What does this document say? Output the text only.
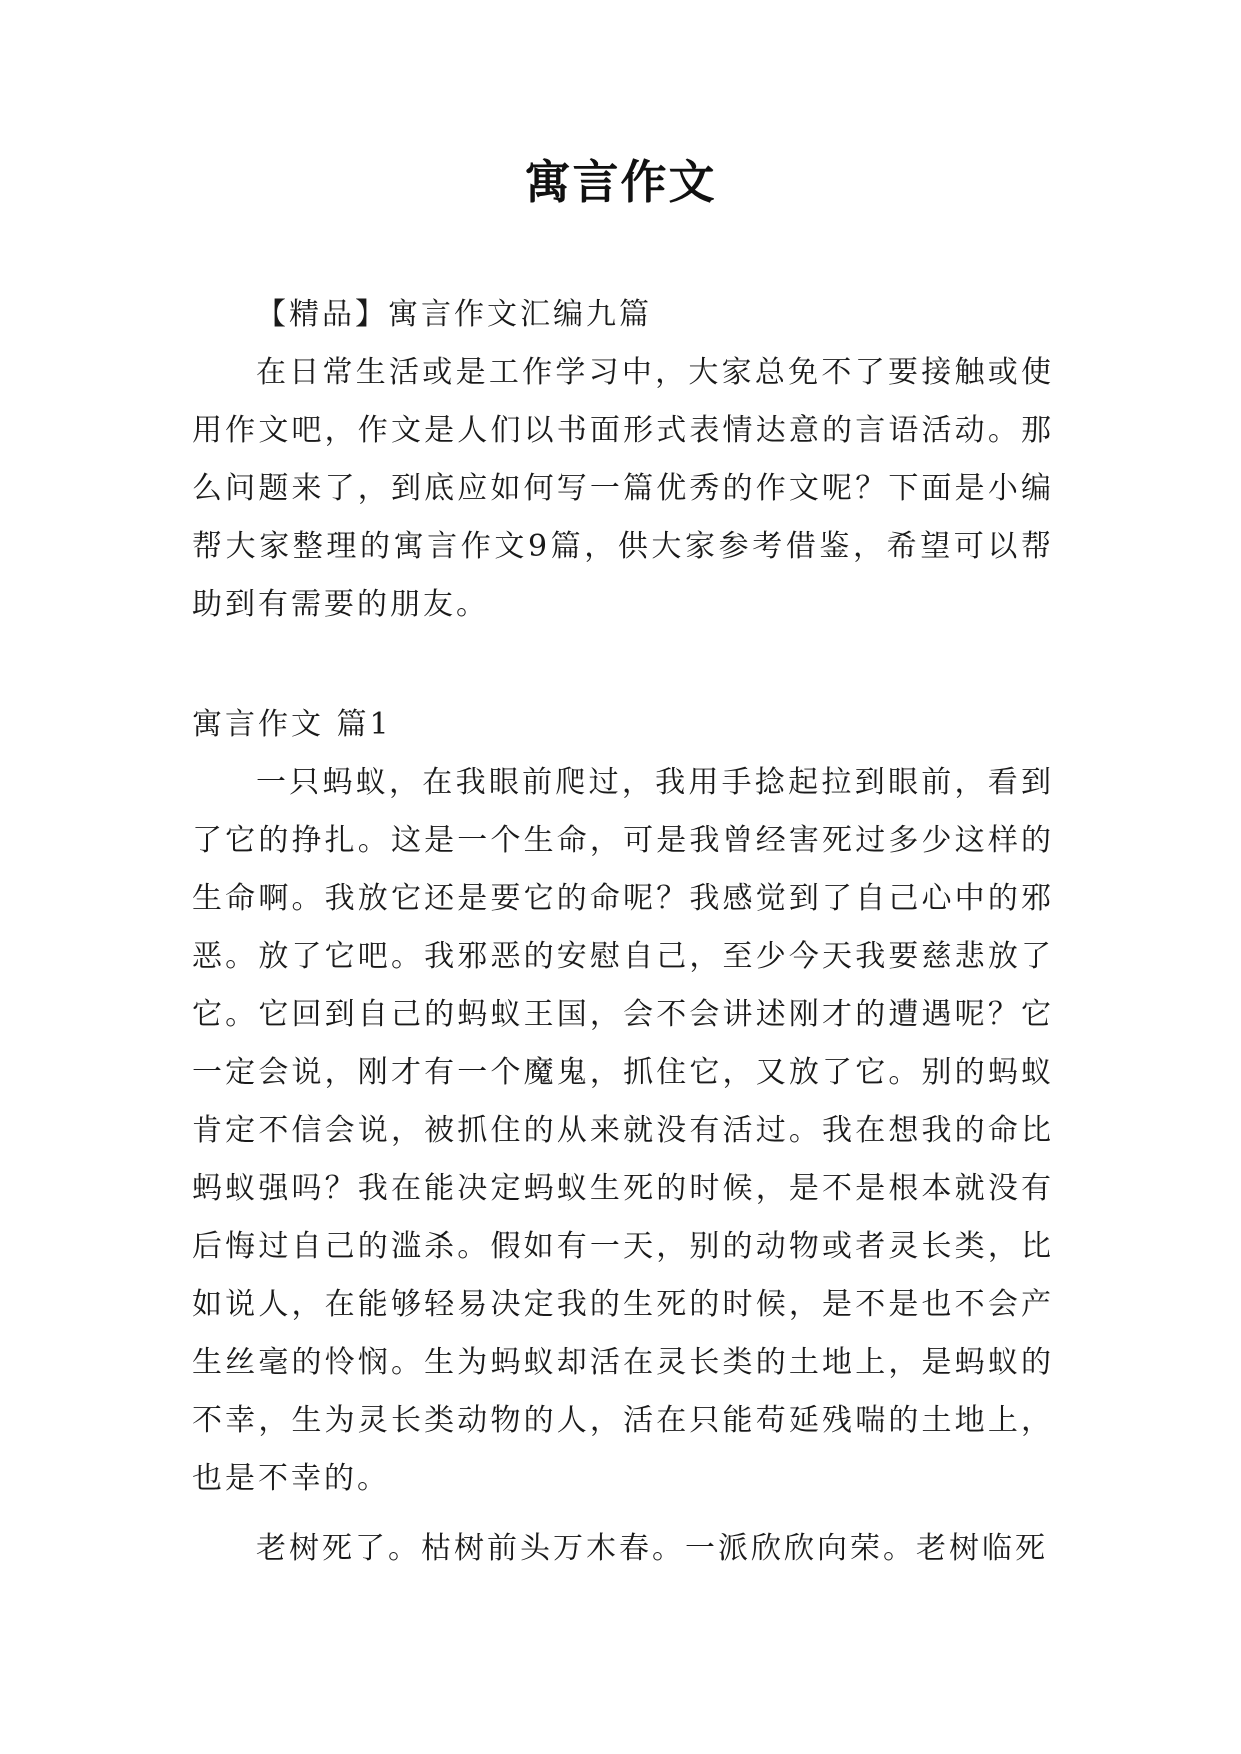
寓言作文

【精品】寓言作文汇编九篇

在日常生活或是工作学习中，大家总免不了要接触或使用作文吧，作文是人们以书面形式表情达意的言语活动。那么问题来了，到底应如何写一篇优秀的作文呢？下面是小编帮大家整理的寓言作文9篇，供大家参考借鉴，希望可以帮助到有需要的朋友。

寓言作文 篇1

一只蚂蚁，在我眼前爬过，我用手捻起拉到眼前，看到了它的挣扎。这是一个生命，可是我曾经害死过多少这样的生命啊。我放它还是要它的命呢？我感觉到了自己心中的邪恶。放了它吧。我邪恶的安慰自己，至少今天我要慈悲放了它。它回到自己的蚂蚁王国，会不会讲述刚才的遭遇呢？它一定会说，刚才有一个魔鬼，抓住它，又放了它。别的蚂蚁肯定不信会说，被抓住的从来就没有活过。我在想我的命比蚂蚁强吗？我在能决定蚂蚁生死的时候，是不是根本就没有后悔过自己的滥杀。假如有一天，别的动物或者灵长类，比如说人，在能够轻易决定我的生死的时候，是不是也不会产生丝毫的怜悯。生为蚂蚁却活在灵长类的土地上，是蚂蚁的不幸，生为灵长类动物的人，活在只能苟延残喘的土地上，也是不幸的。

老树死了。枯树前头万木春。一派欣欣向荣。老树临死
